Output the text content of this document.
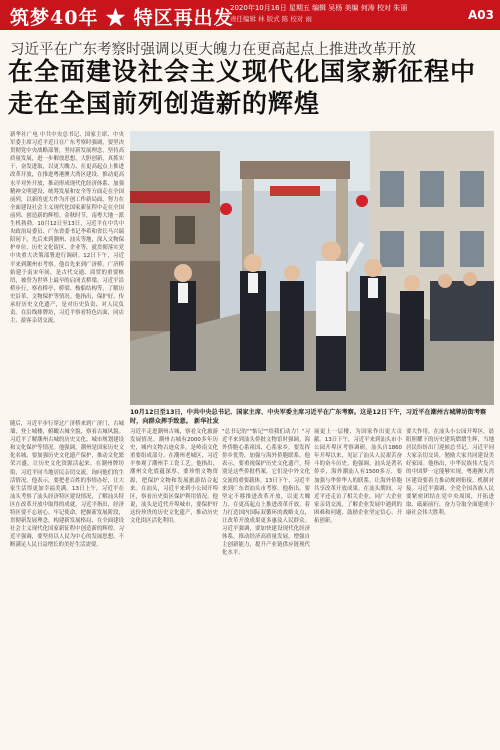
筑梦40年 ★ 特区再出发
2020年10月16日 星期五 编辑 吴杨 美编 何涛 校对 朱丽
责任编辑 林 版式 陈 校对 雨	A03
习近平在广东考察时强调以更大魄力在更高起点上推进改革开放
在全面建设社会主义现代化国家新征程中
走在全国前列创造新的辉煌
新华社广电 中共中央总书记、国家主席、中央军委主席习近平近日在广东考察时强调，要坚决贯彻党中央战略部署，坚持新发展理念，坚持高质量发展，进一步解放思想，大胆创新，真抓实干，奋发进取，以更大魄力、在更高起点上推进改革开放，在推进粤港澳大湾区建设、推动更高水平对外开放，推动形成现代化经济体系、加强精神文明建设、统筹发展和安全等方面走在全国前列，以新的更大作为开创工作新局面，努力在全面建设社会主义现代化国家新征程中走在全国前列、创造新的辉煌。金秋时节，南粤大地一派生机勃勃。10月12日至13日，习近平在中共中央政治局委员、广东省委书记李希和省长马兴瑞陪同下，先后来到潮州、汕头等地，深入文物保护单位、历史文化街区、企业等，就贯彻落实党中央重大决策部署进行调研。12日下午，习近平来到潮州市考察。他首先来到广济桥。广济桥始建于南宋年间，是古代交通、商贸的重要枢纽，被誉为世界上最早的启闭式桥梁。习近平沿桥步行，察看桥亭、桥梁、梭船结构等，了解历史沿革、文物保护等情况。他指出，保护好、传承好历史文化遗产，是对历史负责、对人民负责。在沿线排牌坊，习近平察看特色店面，同店主、游客亲切交流。
随后，习近平步行穿过广济桥来到广济门、古城墙，登上城楼，俯瞰古城全貌，察看古城风貌。习近平了解潮州古城的历史文化、城市规划建设和文化保护等情况。他强调，潮州是国家历史文化名城，要加强历史文化遗产保护，推动文化繁荣兴盛，让历史文化资源活起来。在潮州牌坊街，习近平同当地居民亲切交流，询问他们的生活情况。他表示，要把老百姓的事情办好，让大家生活得更加幸福美满。13日上午，习近平在汕头考察了汕头经济特区建设情况，了解汕头特区在改革开放中取得的成就。习近平指出，经济特区要不忘初心、牢记使命，把握新发展阶段，贯彻新发展理念，构建新发展格局，在全面建设社会主义现代化国家新征程中创造新的辉煌。习近平强调，要坚持以人民为中心的发展思想，不断满足人民日益增长的美好生活需要。
10月12日至13日，中共中央总书记、国家主席、中央军委主席习近平在广东考察。这是12日下午，习近平在潮州古城牌坊街考察时，向群众挥手致意。 新华社发
习近平走进潮州古城，察看文化旅游发展情况。潮州古城有2000多年历史，城内文物古迹众多，是岭南文化重要组成部分。在潮州老城区，习近平参观了潮州手工瓷工艺。他指出，潮州文化底蕴深厚，要珍惜文物资源，把保护文物和发展旅游结合起来。在汕头，习近平来到小公园开埠区，察看历史街区保护利用情况。他说，汕头是近代开埠城市，要保护好这份珍贵的历史文化遗产，推动历史文化街区活化利用。
"总书记的""惦记""给我们动力！"习近平来到汕头侨批文物馆时强调，海外侨胞心系祖国、心系家乡，要发挥侨乡优势，加强与海外侨胞联系。他表示，要重视保护历史文化遗产，特别是这些侨批档案，它们是中外文化交流的重要载体。13日下午，习近平来到广东省汕头市考察。他指出，要坚定不移推进改革开放，以更大魄力、在更高起点上推进改革开放，着力打造国内国际双循环的战略支点，让改革开放成果更多惠及人民群众。习近平强调，要加快建设现代化经济体系，推动经济高质量发展，增强自主创新能力，提升产业链供应链现代化水平。
展更上一层楼，为国家作出更大贡献。13日下午，习近平来到汕头市小公园开埠区考察调研。汕头自1860年开埠以来，见证了汕头人民艰苦奋斗的奋斗历史。他强调，汕头是著名侨乡，海外潮汕人有1500多万，要加强与华侨华人的联系，让海外侨胞共享改革开放成果。在汕头期间，习近平还走访了相关企业，同广大企业家亲切交流，了解企业发展中遇到的困难和问题，鼓励企业坚定信心、开拓创新。
要大作用。在汕头小公园开埠区，晨阳照耀下的历史建筑熠熠生辉，当地居民纷纷出门迎候总书记。习近平同大家亲切交谈，勉励大家共同建设美好家园。他指出，中华民族伟大复兴的中国梦一定能够实现，粤港澳大湾区建设要着力推动规则衔接、机制对接。习近平强调，全党全国各族人民要紧密团结在党中央周围，开拓进取、砥砺前行，奋力夺取全面建成小康社会伟大胜利。
